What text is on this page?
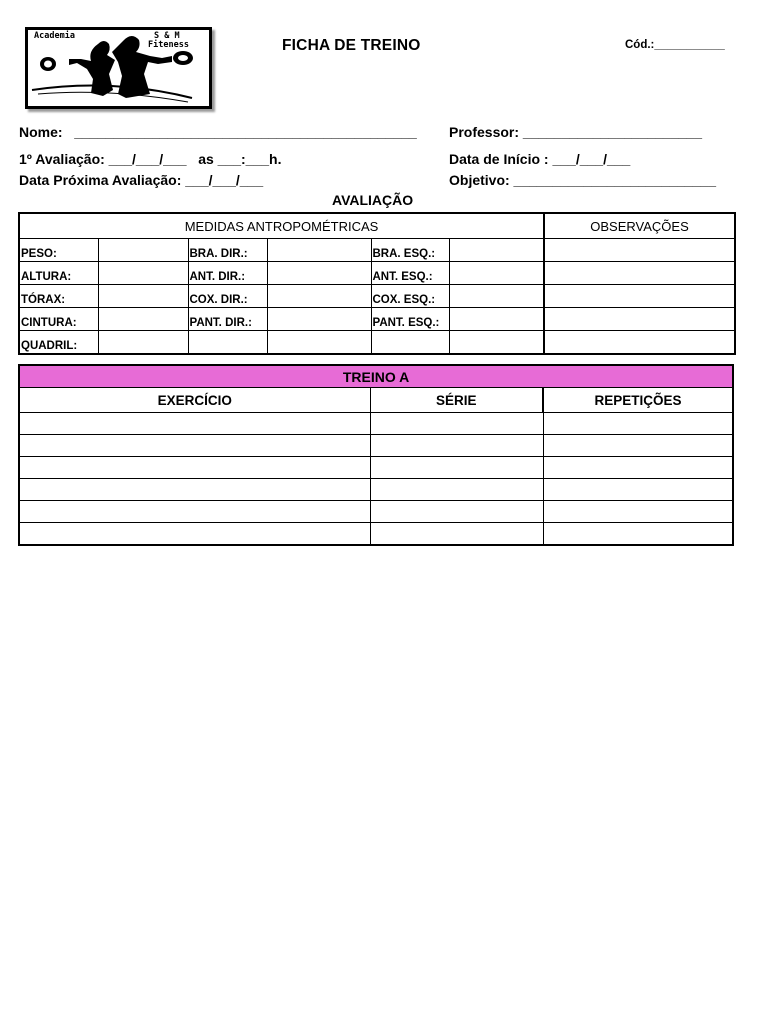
Academia	S & M
Fiteness	FICHA DE TREINO	Cód.:___________
Nome:   ____________________________________________ Professor: _______________________
1º Avaliação: ___/___/___   as ___:___h.	Data de Início : ___/___/___
Data Próxima Avaliação: ___/___/___	Objetivo: __________________________
AVALIAÇÃO
MEDIDAS ANTROPOMÉTRICAS						OBSERVAÇÕES
PESO:		BRA. DIR.:		BRA. ESQ.:		
ALTURA:		ANT. DIR.:		ANT. ESQ.:		
TÓRAX:		COX. DIR.:		COX. ESQ.:		
CINTURA:		PANT. DIR.:		PANT. ESQ.:		
QUADRIL:						
TREINO A		
EXERCÍCIO	SÉRIE	REPETIÇÕES
